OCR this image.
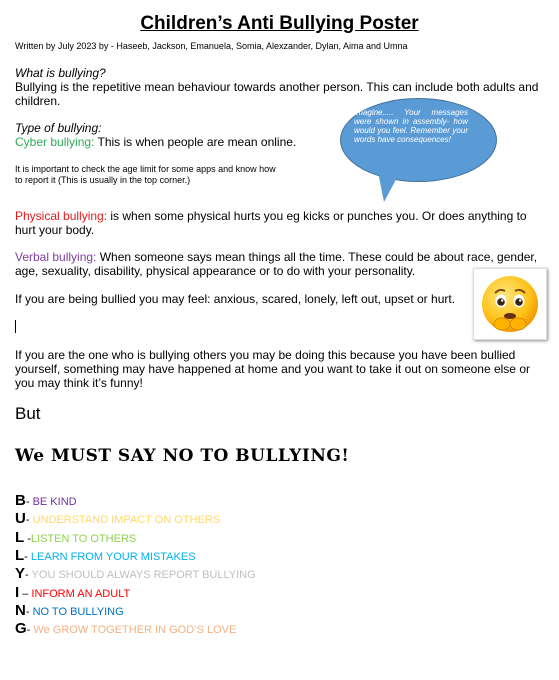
Children’s Anti Bullying Poster
Written by July 2023 by - Haseeb, Jackson, Emanuela, Somia, Alexzander, Dylan, Aima and Umna
What is bullying?
Bullying is the repetitive mean behaviour towards another person. This can include both adults and children.
Type of bullying:
Cyber bullying: This is when people are mean online.
It is important to check the age limit for some apps and know how to report it (This is usually in the top corner.)
Imagine..... Your messages were shown in assembly- how would you feel. Remember your words have consequences!
Physical bullying: is when some physical hurts you eg kicks or punches you. Or does anything to hurt your body.
Verbal bullying: When someone says mean things all the time. These could be about race, gender, age, sexuality, disability, physical appearance or to do with your personality.
If you are being bullied you may feel: anxious, scared, lonely, left out, upset or hurt.
If you are the one who is bullying others you may be doing this because you have been bullied yourself, something may have happened at home and you want to take it out on someone else or you may think it’s funny!
But
We MUST SAY NO TO BULLYING!
B- BE KIND
U- UNDERSTAND IMPACT ON OTHERS
L -LISTEN TO OTHERS
L- LEARN FROM YOUR MISTAKES
Y- YOU SHOULD ALWAYS REPORT BULLYING
I – INFORM AN ADULT
N- NO TO BULLYING
G- We GROW TOGETHER IN GOD’S LOVE
